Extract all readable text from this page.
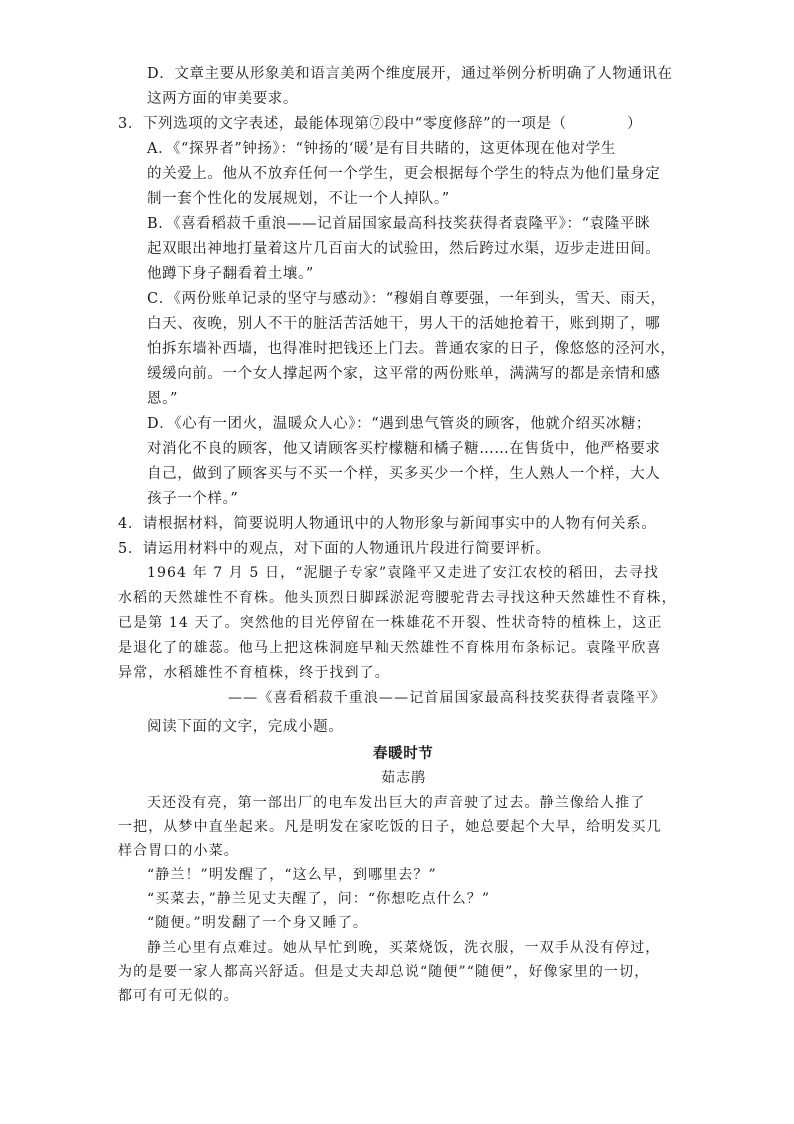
D．文章主要从形象美和语言美两个维度展开，通过举例分析明确了人物通讯在
这两方面的审美要求。
3．下列选项的文字表述，最能体现第⑦段中“零度修辞”的一项是（　　　　）
A．《“探界者”钟扬》：“钟扬的‘暖’是有目共睹的，这更体现在他对学生
的关爱上。他从不放弃任何一个学生，更会根据每个学生的特点为他们量身定
制一套个性化的发展规划，不让一个人掉队。”
B．《喜看稻菽千重浪——记首届国家最高科技奖获得者袁隆平》：“袁隆平眯
起双眼出神地打量着这片几百亩大的试验田，然后跨过水渠，迈步走进田间。
他蹲下身子翻看着土壤。”
C．《两份账单记录的坚守与感动》：“穆娟自尊要强，一年到头，雪天、雨天，
白天、夜晚，别人不干的脏活苦活她干，男人干的活她抢着干，账到期了，哪
怕拆东墙补西墙，也得准时把钱还上门去。普通农家的日子，像悠悠的泾河水，
缓缓向前。一个女人撑起两个家，这平常的两份账单，满满写的都是亲情和感
恩。”
D．《心有一团火，温暖众人心》：“遇到患气管炎的顾客，他就介绍买冰糖；
对消化不良的顾客，他又请顾客买柠檬糖和橘子糖……在售货中，他严格要求
自己，做到了顾客买与不买一个样，买多买少一个样，生人熟人一个样，大人
孩子一个样。”
4．请根据材料，简要说明人物通讯中的人物形象与新闻事实中的人物有何关系。
5．请运用材料中的观点，对下面的人物通讯片段进行简要评析。
1964 年 7 月 5 日，“泥腿子专家”袁隆平又走进了安江农校的稻田，去寻找
水稻的天然雄性不育株。他头顶烈日脚踩淤泥弯腰驼背去寻找这种天然雄性不育株，
已是第 14 天了。突然他的目光停留在一株雄花不开裂、性状奇特的植株上，这正
是退化了的雄蕊。他马上把这株洞庭早籼天然雄性不育株用布条标记。袁隆平欣喜
异常，水稻雄性不育植株，终于找到了。
——《喜看稻菽千重浪——记首届国家最高科技奖获得者袁隆平》
阅读下面的文字，完成小题。
春暖时节
茹志鹃
天还没有亮，第一部出厂的电车发出巨大的声音驶了过去。静兰像给人推了
一把，从梦中直坐起来。凡是明发在家吃饭的日子，她总要起个大早，给明发买几
样合胃口的小菜。
“静兰！”明发醒了，“这么早，到哪里去？”
“买菜去，”静兰见丈夫醒了，问：“你想吃点什么？”
“随便。”明发翻了一个身又睡了。
静兰心里有点难过。她从早忙到晚，买菜烧饭，洗衣服，一双手从没有停过，
为的是要一家人都高兴舒适。但是丈夫却总说“随便”“随便”，好像家里的一切，
都可有可无似的。
